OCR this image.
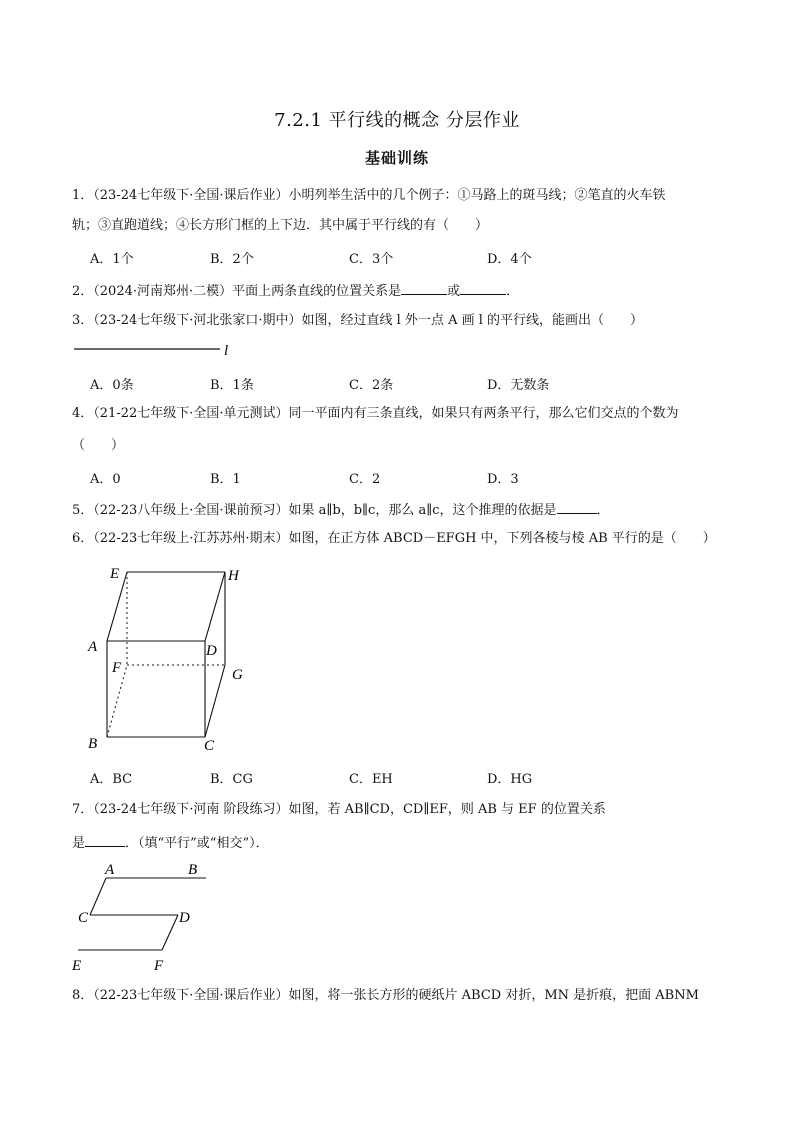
7.2.1 平行线的概念 分层作业
基础训练
1．（23-24七年级下·全国·课后作业）小明列举生活中的几个例子：①马路上的斑马线；②笔直的火车铁
轨；③直跑道线；④长方形门框的上下边．其中属于平行线的有（　　）
A．1个	B．2个	C．3个	D．4个
2．（2024·河南郑州·二模）平面上两条直线的位置关系是	或	．
3．（23-24七年级下·河北张家口·期中）如图，经过直线 l 外一点 A 画 l 的平行线，能画出（　　）
l
A．0条	B．1条	C．2条	D．无数条
4．（21-22七年级下·全国·单元测试）同一平面内有三条直线，如果只有两条平行，那么它们交点的个数为
（　　）
A．0	B．1	C．2	D．3
5．（22-23八年级上·全国·课前预习）如果 a∥b，b∥c，那么 a∥c，这个推理的依据是	．
6．（22-23七年级上·江苏苏州·期末）如图，在正方体 ABCD－EFGH 中，下列各棱与棱 AB 平行的是（　　）
E	H
A	D
F	G
B	C
A．BC	B．CG	C．EH	D．HG
7．（23-24七年级下·河南 阶段练习）如图，若 AB∥CD，CD∥EF，则 AB 与 EF 的位置关系
是	．（填“平行”或“相交”）．
A	B
C	D
E	F
8．（22-23七年级下·全国·课后作业）如图，将一张长方形的硬纸片 ABCD 对折，MN 是折痕，把面 ABNM
